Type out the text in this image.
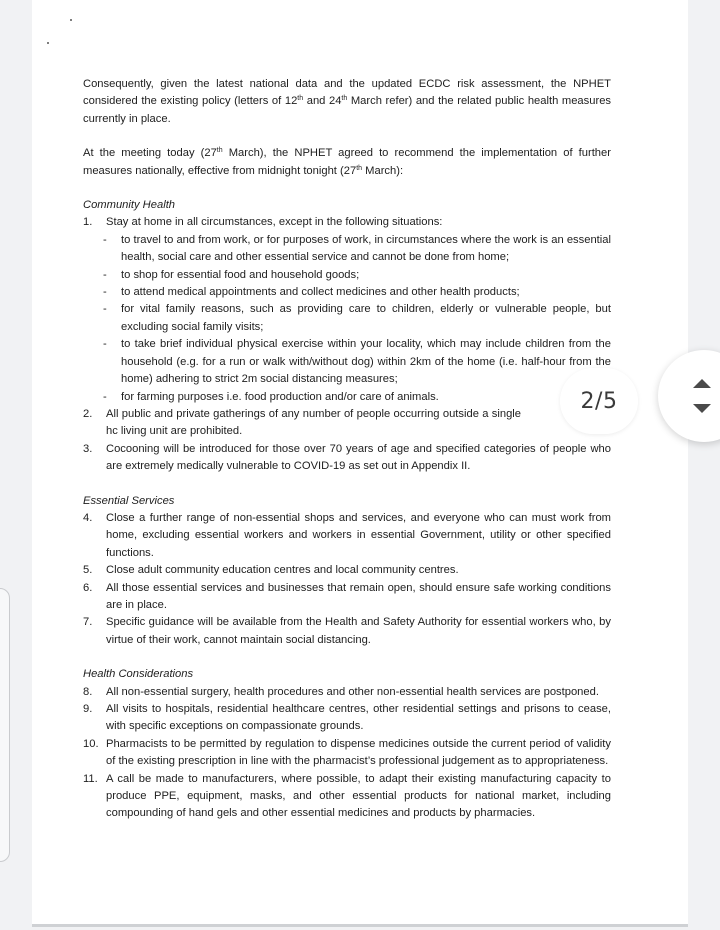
Consequently, given the latest national data and the updated ECDC risk assessment, the NPHET considered the existing policy (letters of 12th and 24th March refer) and the related public health measures currently in place.

At the meeting today (27th March), the NPHET agreed to recommend the implementation of further measures nationally, effective from midnight tonight (27th March):

Community Health

1. Stay at home in all circumstances, except in the following situations:
- to travel to and from work, or for purposes of work, in circumstances where the work is an essential health, social care and other essential service and cannot be done from home;
- to shop for essential food and household goods;
- to attend medical appointments and collect medicines and other health products;
- for vital family reasons, such as providing care to children, elderly or vulnerable people, but excluding social family visits;
- to take brief individual physical exercise within your locality, which may include children from the household (e.g. for a run or walk with/without dog) within 2km of the home (i.e. half-hour from the home) adhering to strict 2m social distancing measures;
- for farming purposes i.e. food production and/or care of animals.
2. All public and private gatherings of any number of people occurring outside a single hc living unit are prohibited.
3. Cocooning will be introduced for those over 70 years of age and specified categories of people who are extremely medically vulnerable to COVID-19 as set out in Appendix II.

Essential Services

4. Close a further range of non-essential shops and services, and everyone who can must work from home, excluding essential workers and workers in essential Government, utility or other specified functions.
5. Close adult community education centres and local community centres.
6. All those essential services and businesses that remain open, should ensure safe working conditions are in place.
7. Specific guidance will be available from the Health and Safety Authority for essential workers who, by virtue of their work, cannot maintain social distancing.

Health Considerations

8. All non-essential surgery, health procedures and other non-essential health services are postponed.
9. All visits to hospitals, residential healthcare centres, other residential settings and prisons to cease, with specific exceptions on compassionate grounds.
10. Pharmacists to be permitted by regulation to dispense medicines outside the current period of validity of the existing prescription in line with the pharmacist’s professional judgement as to appropriateness.
11. A call be made to manufacturers, where possible, to adapt their existing manufacturing capacity to produce PPE, equipment, masks, and other essential products for national market, including compounding of hand gels and other essential medicines and products by pharmacies.
2/5
